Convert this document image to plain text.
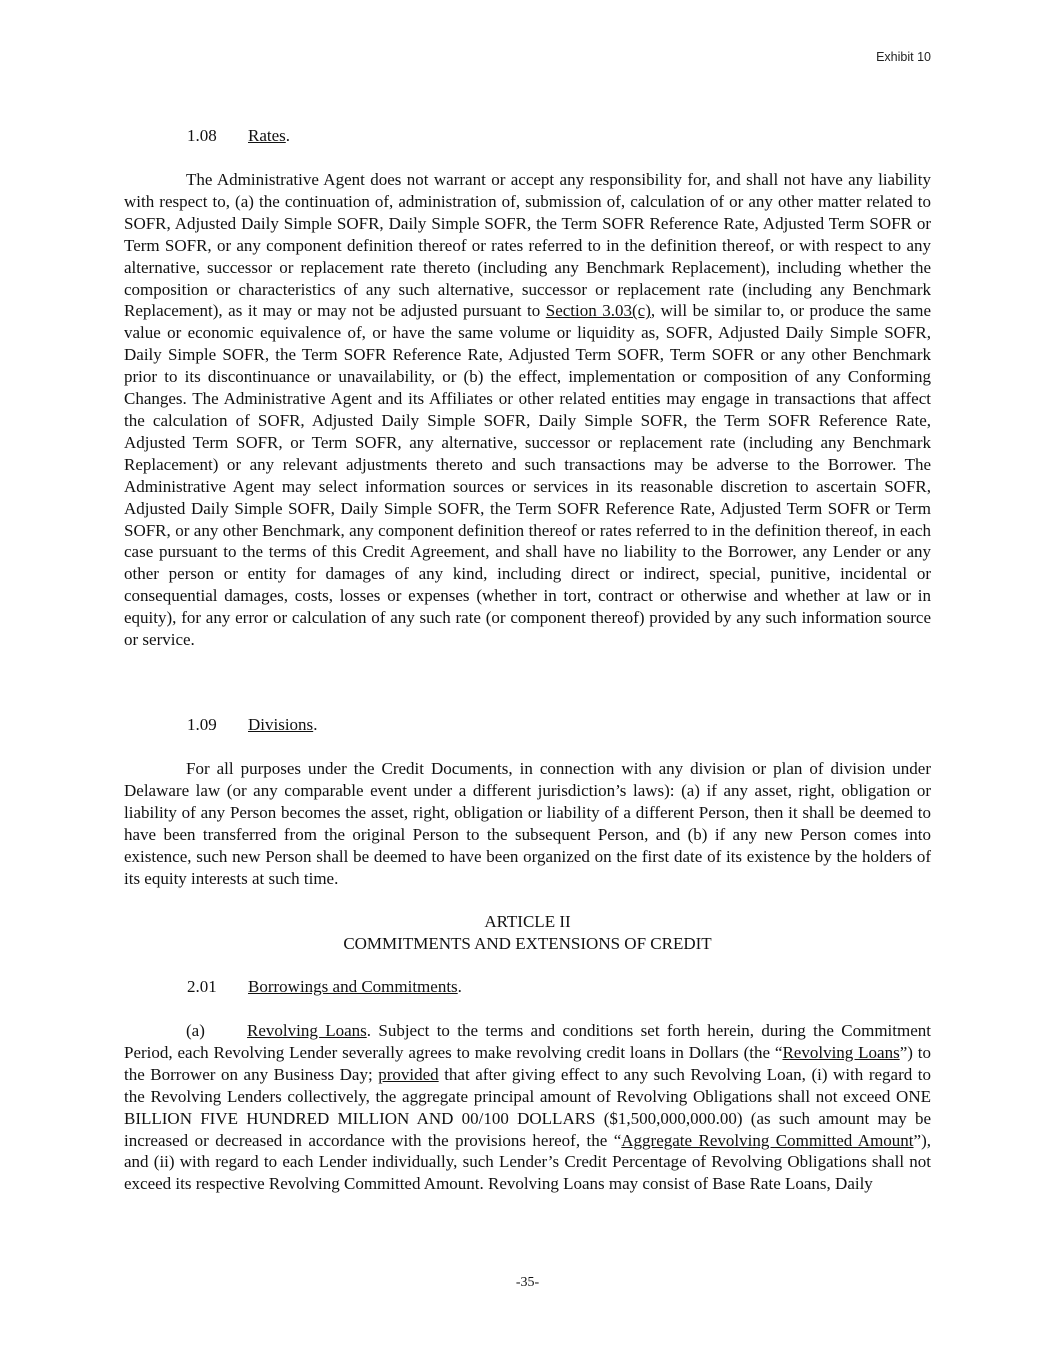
Exhibit 10
1.08 Rates.

The Administrative Agent does not warrant or accept any responsibility for, and shall not have any liability with respect to, (a) the continuation of, administration of, submission of, calculation of or any other matter related to SOFR, Adjusted Daily Simple SOFR, Daily Simple SOFR, the Term SOFR Reference Rate, Adjusted Term SOFR or Term SOFR, or any component definition thereof or rates referred to in the definition thereof, or with respect to any alternative, successor or replacement rate thereto (including any Benchmark Replacement), including whether the composition or characteristics of any such alternative, successor or replacement rate (including any Benchmark Replacement), as it may or may not be adjusted pursuant to Section 3.03(c), will be similar to, or produce the same value or economic equivalence of, or have the same volume or liquidity as, SOFR, Adjusted Daily Simple SOFR, Daily Simple SOFR, the Term SOFR Reference Rate, Adjusted Term SOFR, Term SOFR or any other Benchmark prior to its discontinuance or unavailability, or (b) the effect, implementation or composition of any Conforming Changes. The Administrative Agent and its Affiliates or other related entities may engage in transactions that affect the calculation of SOFR, Adjusted Daily Simple SOFR, Daily Simple SOFR, the Term SOFR Reference Rate, Adjusted Term SOFR, or Term SOFR, any alternative, successor or replacement rate (including any Benchmark Replacement) or any relevant adjustments thereto and such transactions may be adverse to the Borrower. The Administrative Agent may select information sources or services in its reasonable discretion to ascertain SOFR, Adjusted Daily Simple SOFR, Daily Simple SOFR, the Term SOFR Reference Rate, Adjusted Term SOFR or Term SOFR, or any other Benchmark, any component definition thereof or rates referred to in the definition thereof, in each case pursuant to the terms of this Credit Agreement, and shall have no liability to the Borrower, any Lender or any other person or entity for damages of any kind, including direct or indirect, special, punitive, incidental or consequential damages, costs, losses or expenses (whether in tort, contract or otherwise and whether at law or in equity), for any error or calculation of any such rate (or component thereof) provided by any such information source or service.

1.09 Divisions.

For all purposes under the Credit Documents, in connection with any division or plan of division under Delaware law (or any comparable event under a different jurisdiction’s laws): (a) if any asset, right, obligation or liability of any Person becomes the asset, right, obligation or liability of a different Person, then it shall be deemed to have been transferred from the original Person to the subsequent Person, and (b) if any new Person comes into existence, such new Person shall be deemed to have been organized on the first date of its existence by the holders of its equity interests at such time.

ARTICLE II
COMMITMENTS AND EXTENSIONS OF CREDIT
2.01 Borrowings and Commitments.

(a) Revolving Loans. Subject to the terms and conditions set forth herein, during the Commitment Period, each Revolving Lender severally agrees to make revolving credit loans in Dollars (the “Revolving Loans”) to the Borrower on any Business Day; provided that after giving effect to any such Revolving Loan, (i) with regard to the Revolving Lenders collectively, the aggregate principal amount of Revolving Obligations shall not exceed ONE BILLION FIVE HUNDRED MILLION AND 00/100 DOLLARS ($1,500,000,000.00) (as such amount may be increased or decreased in accordance with the provisions hereof, the “Aggregate Revolving Committed Amount”), and (ii) with regard to each Lender individually, such Lender’s Credit Percentage of Revolving Obligations shall not exceed its respective Revolving Committed Amount. Revolving Loans may consist of Base Rate Loans, Daily

-35-
